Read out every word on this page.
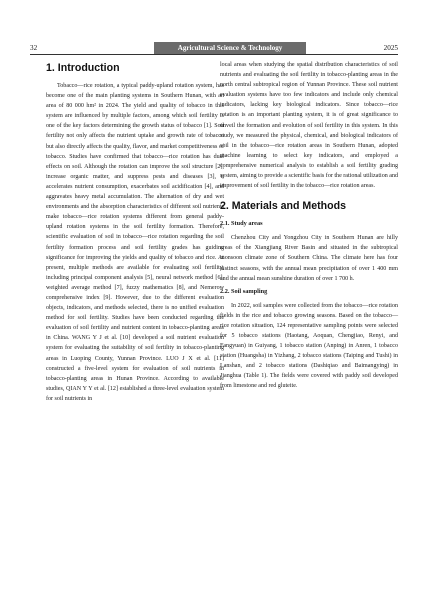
32	Agricultural Science & Technology	2025
1. Introduction

Tobacco—rice rotation, a typical paddy-upland rotation system, has become one of the main planting systems in Southern Hunan, with an area of 80 000 hm² in 2024. The yield and quality of tobacco in this system are influenced by multiple factors, among which soil fertility is one of the key factors determining the growth status of tobacco [1]. Soil fertility not only affects the nutrient uptake and growth rate of tobacco but also directly affects the quality, flavor, and market competitiveness of tobacco. Studies have confirmed that tobacco—rice rotation has dual effects on soil. Although the rotation can improve the soil structure [2], increase organic matter, and suppress pests and diseases [3], it accelerates nutrient consumption, exacerbates soil acidification [4], and aggravates heavy metal accumulation. The alternation of dry and wet environments and the absorption characteristics of different soil nutrients make tobacco—rice rotation systems different from general paddy-upland rotation systems in the soil fertility formation. Therefore, scientific evaluation of soil in tobacco—rice rotation regarding the soil fertility formation process and soil fertility grades has guiding significance for improving the yields and quality of tobacco and rice. At present, multiple methods are available for evaluating soil fertility, including principal component analysis [5], neural network method [6], weighted average method [7], fuzzy mathematics [8], and Nemerow comprehensive index [9]. However, due to the different evaluation objects, indicators, and methods selected, there is no unified evaluation method for soil fertility. Studies have been conducted regarding the evaluation of soil fertility and nutrient content in tobacco-planting areas in China. WANG Y J et al. [10] developed a soil nutrient evaluation system for evaluating the suitability of soil fertility in tobacco-planting areas in Luoping County, Yunnan Province. LUO J X et al. [11] constructed a five-level system for evaluation of soil nutrients in tobacco-planting areas in Hunan Province. According to available studies, QIAN Y Y et al. [12] established a three-level evaluation system for soil nutrients in

local areas when studying the spatial distribution characteristics of soil nutrients and evaluating the soil fertility in tobacco-planting areas in the north central subtropical region of Yunnan Province. These soil nutrient evaluation systems have too few indicators and include only chemical indicators, lacking key biological indicators. Since tobacco—rice rotation is an important planting system, it is of great significance to unveil the formation and evolution of soil fertility in this system. In this study, we measured the physical, chemical, and biological indicators of soil in the tobacco—rice rotation areas in Southern Hunan, adopted machine learning to select key indicators, and employed a comprehensive numerical analysis to establish a soil fertility grading system, aiming to provide a scientific basis for the rational utilization and improvement of soil fertility in the tobacco—rice rotation areas.

2. Materials and Methods
2.1. Study areas

Chenzhou City and Yongzhou City in Southern Hunan are hilly areas of the Xiangjiang River Basin and situated in the subtropical monsoon climate zone of Southern China. The climate here has four distinct seasons, with the annual mean precipitation of over 1 400 mm and the annual mean sunshine duration of over 1 700 h.

2.2. Soil sampling

In 2022, soil samples were collected from the tobacco—rice rotation fields in the rice and tobacco growing seasons. Based on the tobacco—rice rotation situation, 124 representative sampling points were selected for 5 tobacco stations (Haotang, Aoquan, Chengjiao, Renyi, and Fangyuan) in Guiyang, 1 tobacco station (Anping) in Anren, 1 tobacco station (Huangsha) in Yizhang, 2 tobacco stations (Taiping and Tushi) in Lanshan, and 2 tobacco stations (Dashiqiao and Baimangying) in Jianghua (Table 1). The fields were covered with paddy soil developed from limestone and red gluteite.
